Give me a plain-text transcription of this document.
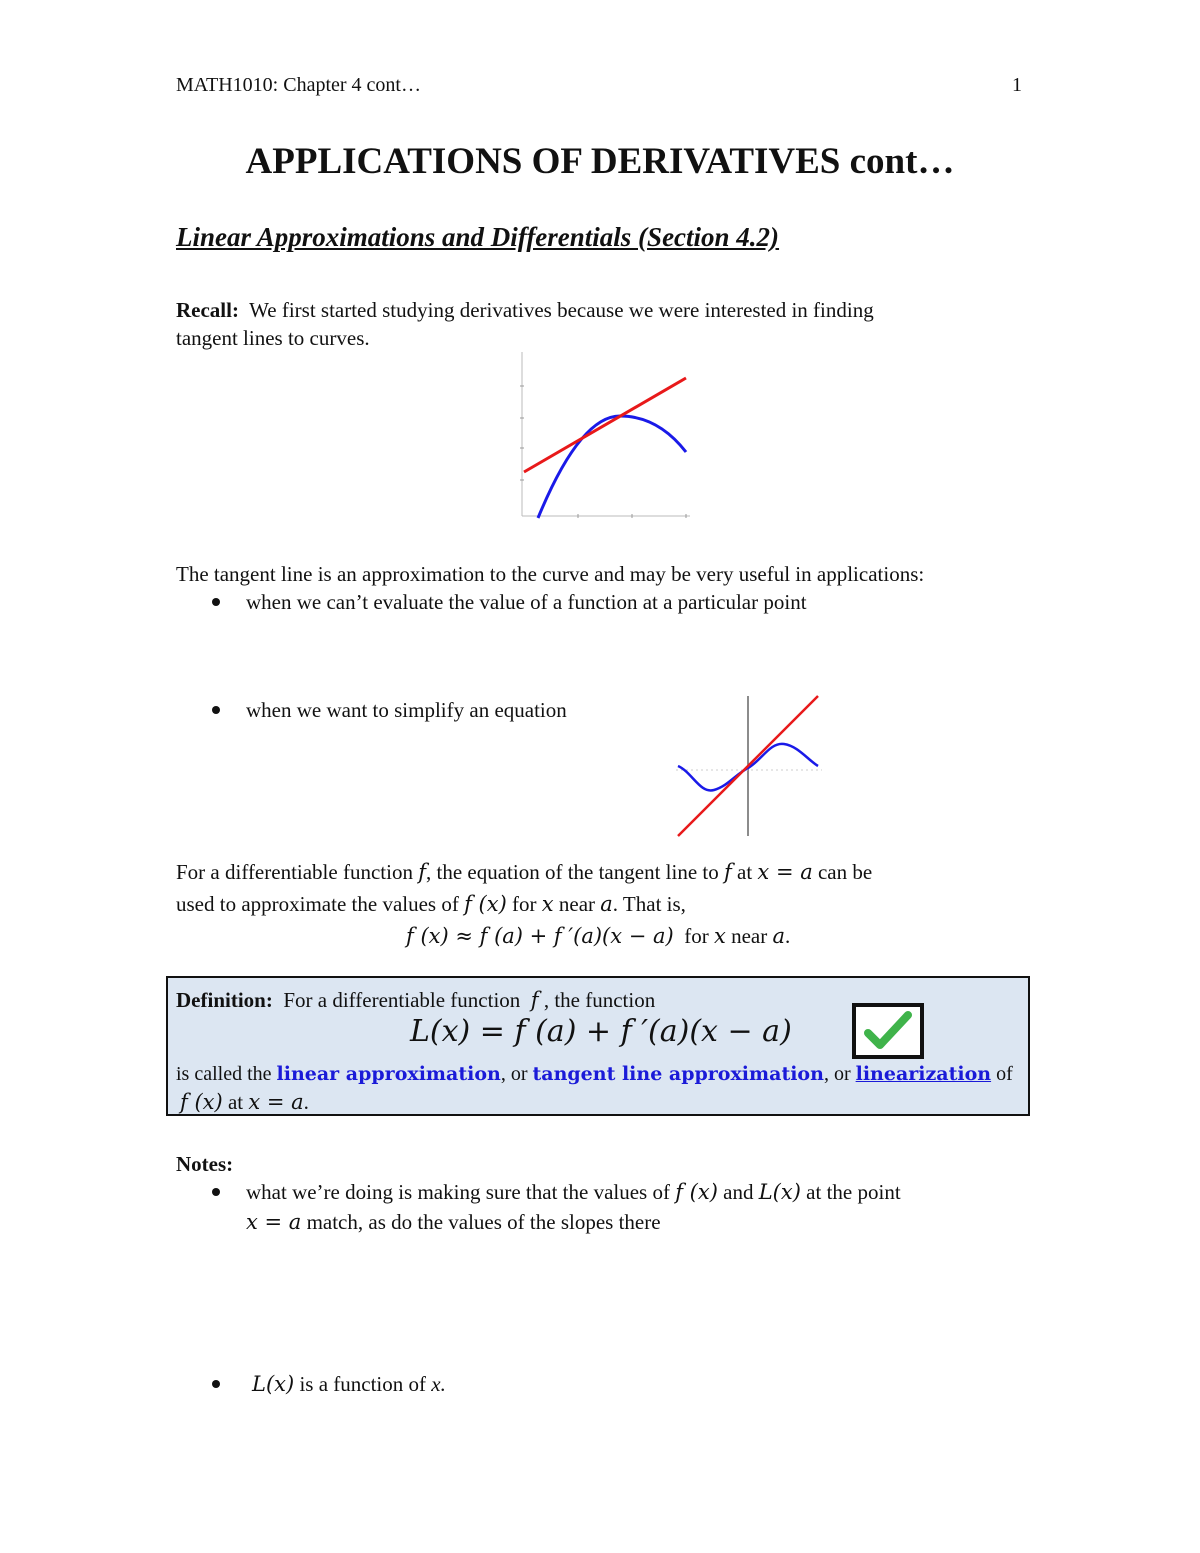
MATH1010: Chapter 4 cont…	1
APPLICATIONS OF DERIVATIVES cont…
Linear Approximations and Differentials (Section 4.2)
Recall: We first started studying derivatives because we were interested in finding
tangent lines to curves.
The tangent line is an approximation to the curve and may be very useful in applications:
when we can’t evaluate the value of a function at a particular point
when we want to simplify an equation
For a differentiable function f, the equation of the tangent line to f at x = a can be
used to approximate the values of f (x) for x near a. That is,
f (x) ≈ f (a) + f ′(a)(x − a) for x near a.
Definition: For a differentiable function f , the function
L(x) = f (a) + f ′(a)(x − a)
is called the linear approximation, or tangent line approximation, or linearization of
f (x) at x = a.
Notes:
what we’re doing is making sure that the values of f (x) and L(x) at the point
x = a match, as do the values of the slopes there
L(x) is a function of x.
